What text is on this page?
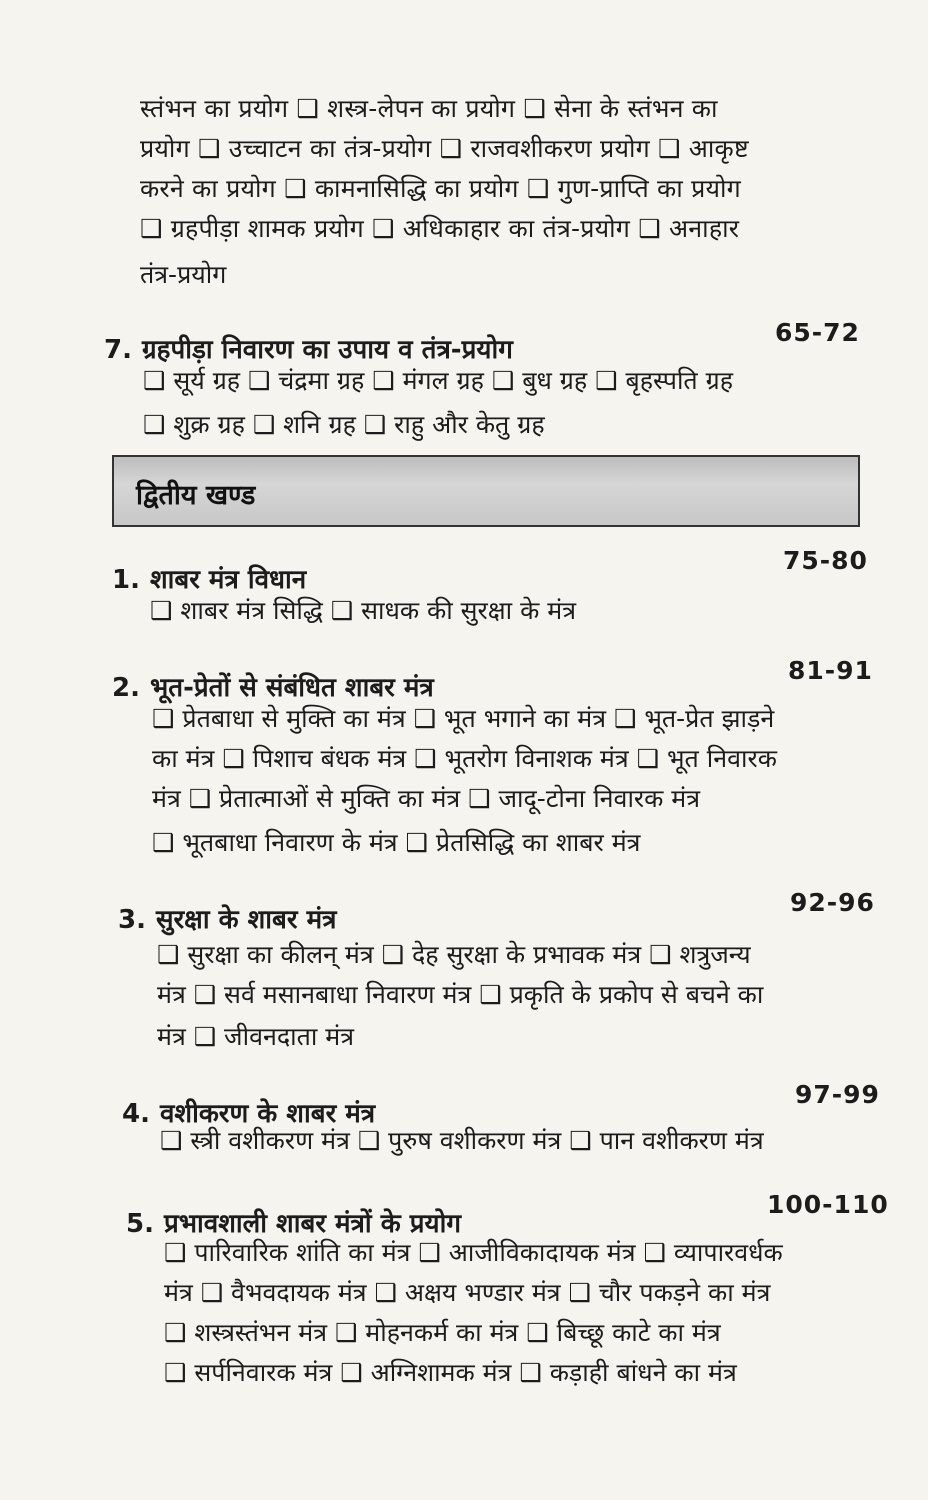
स्तंभन का प्रयोग ❑ शस्त्र-लेपन का प्रयोग ❑ सेना के स्तंभन का
प्रयोग ❑ उच्चाटन का तंत्र-प्रयोग ❑ राजवशीकरण प्रयोग ❑ आकृष्ट
करने का प्रयोग ❑ कामनासिद्धि का प्रयोग ❑ गुण-प्राप्ति का प्रयोग
❑ ग्रहपीड़ा शामक प्रयोग ❑ अधिकाहार का तंत्र-प्रयोग ❑ अनाहार
तंत्र-प्रयोग
7. ग्रहपीड़ा निवारण का उपाय व तंत्र-प्रयोग
65-72
❑ सूर्य ग्रह ❑ चंद्रमा ग्रह ❑ मंगल ग्रह ❑ बुध ग्रह ❑ बृहस्पति ग्रह
❑ शुक्र ग्रह ❑ शनि ग्रह ❑ राहु और केतु ग्रह
द्वितीय खण्ड
1. शाबर मंत्र विधान
75-80
❑ शाबर मंत्र सिद्धि ❑ साधक की सुरक्षा के मंत्र
2. भूत-प्रेतों से संबंधित शाबर मंत्र
81-91
❑ प्रेतबाधा से मुक्ति का मंत्र ❑ भूत भगाने का मंत्र ❑ भूत-प्रेत झाड़ने
का मंत्र ❑ पिशाच बंधक मंत्र ❑ भूतरोग विनाशक मंत्र ❑ भूत निवारक
मंत्र ❑ प्रेतात्माओं से मुक्ति का मंत्र ❑ जादू-टोना निवारक मंत्र
❑ भूतबाधा निवारण के मंत्र ❑ प्रेतसिद्धि का शाबर मंत्र
3. सुरक्षा के शाबर मंत्र
92-96
❑ सुरक्षा का कीलन् मंत्र ❑ देह सुरक्षा के प्रभावक मंत्र ❑ शत्रुजन्य
मंत्र ❑ सर्व मसानबाधा निवारण मंत्र ❑ प्रकृति के प्रकोप से बचने का
मंत्र ❑ जीवनदाता मंत्र
4. वशीकरण के शाबर मंत्र
97-99
❑ स्त्री वशीकरण मंत्र ❑ पुरुष वशीकरण मंत्र ❑ पान वशीकरण मंत्र
5. प्रभावशाली शाबर मंत्रों के प्रयोग
100-110
❑ पारिवारिक शांति का मंत्र ❑ आजीविकादायक मंत्र ❑ व्यापारवर्धक
मंत्र ❑ वैभवदायक मंत्र ❑ अक्षय भण्डार मंत्र ❑ चौर पकड़ने का मंत्र
❑ शस्त्रस्तंभन मंत्र ❑ मोहनकर्म का मंत्र ❑ बिच्छू काटे का मंत्र
❑ सर्पनिवारक मंत्र ❑ अग्निशामक मंत्र ❑ कड़ाही बांधने का मंत्र
